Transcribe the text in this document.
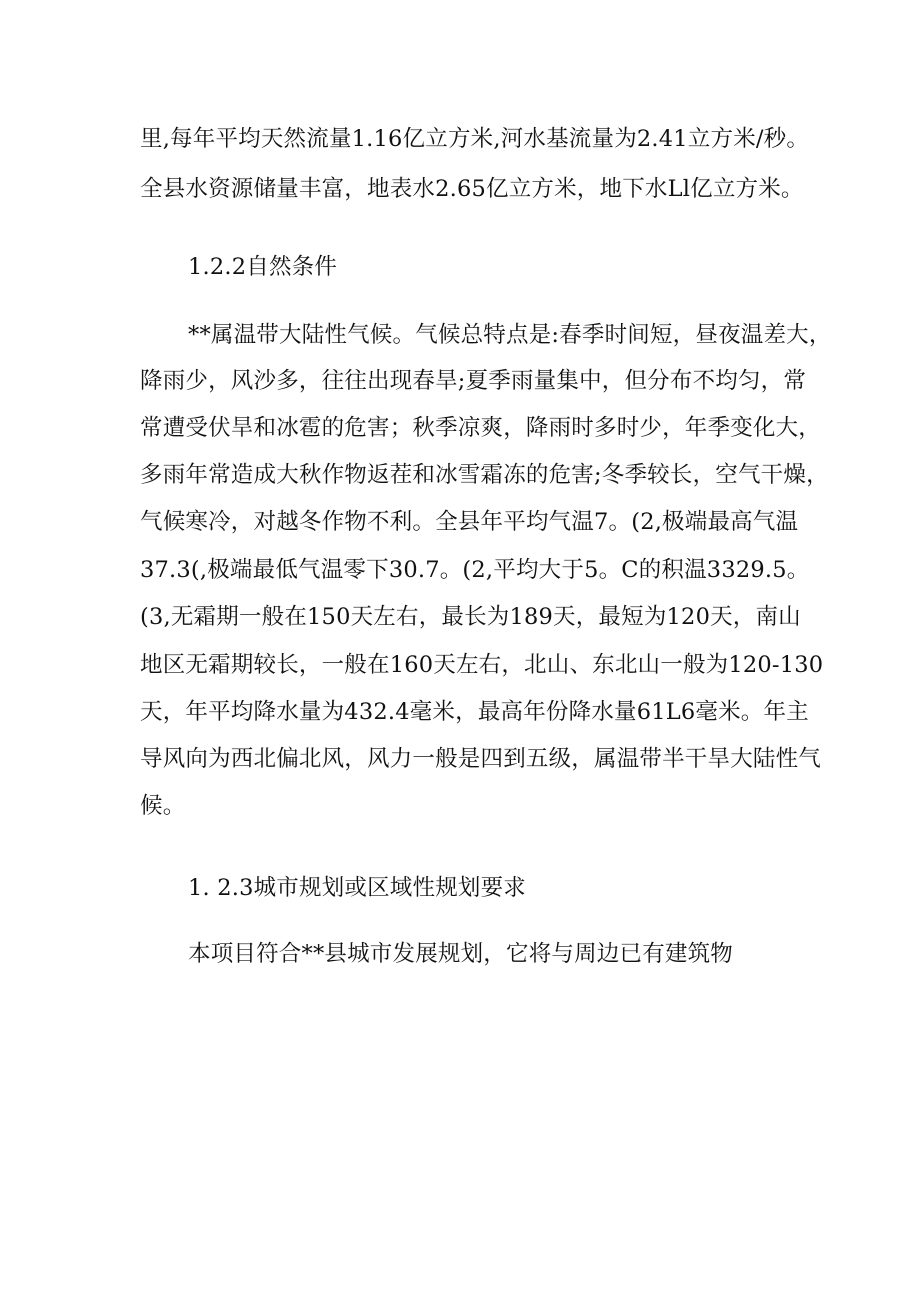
里,每年平均天然流量1.16亿立方米,河水基流量为2.41立方米/秒。
全县水资源储量丰富，地表水2.65亿立方米，地下水Ll亿立方米。
1.2.2自然条件
**属温带大陆性气候。气候总特点是:春季时间短，昼夜温差大，
降雨少，风沙多，往往出现春旱;夏季雨量集中，但分布不均匀，常
常遭受伏旱和冰雹的危害；秋季凉爽，降雨时多时少，年季变化大，
多雨年常造成大秋作物返茬和冰雪霜冻的危害;冬季较长，空气干燥，
气候寒冷，对越冬作物不利。全县年平均气温7。(2,极端最高气温
37.3(,极端最低气温零下30.7。(2,平均大于5。C的积温3329.5。
(3,无霜期一般在150天左右，最长为189天，最短为120天，南山
地区无霜期较长，一般在160天左右，北山、东北山一般为120-130
天，年平均降水量为432.4毫米，最高年份降水量61L6毫米。年主
导风向为西北偏北风，风力一般是四到五级，属温带半干旱大陆性气
候。
1. 2.3城市规划或区域性规划要求
本项目符合**县城市发展规划，它将与周边已有建筑物
